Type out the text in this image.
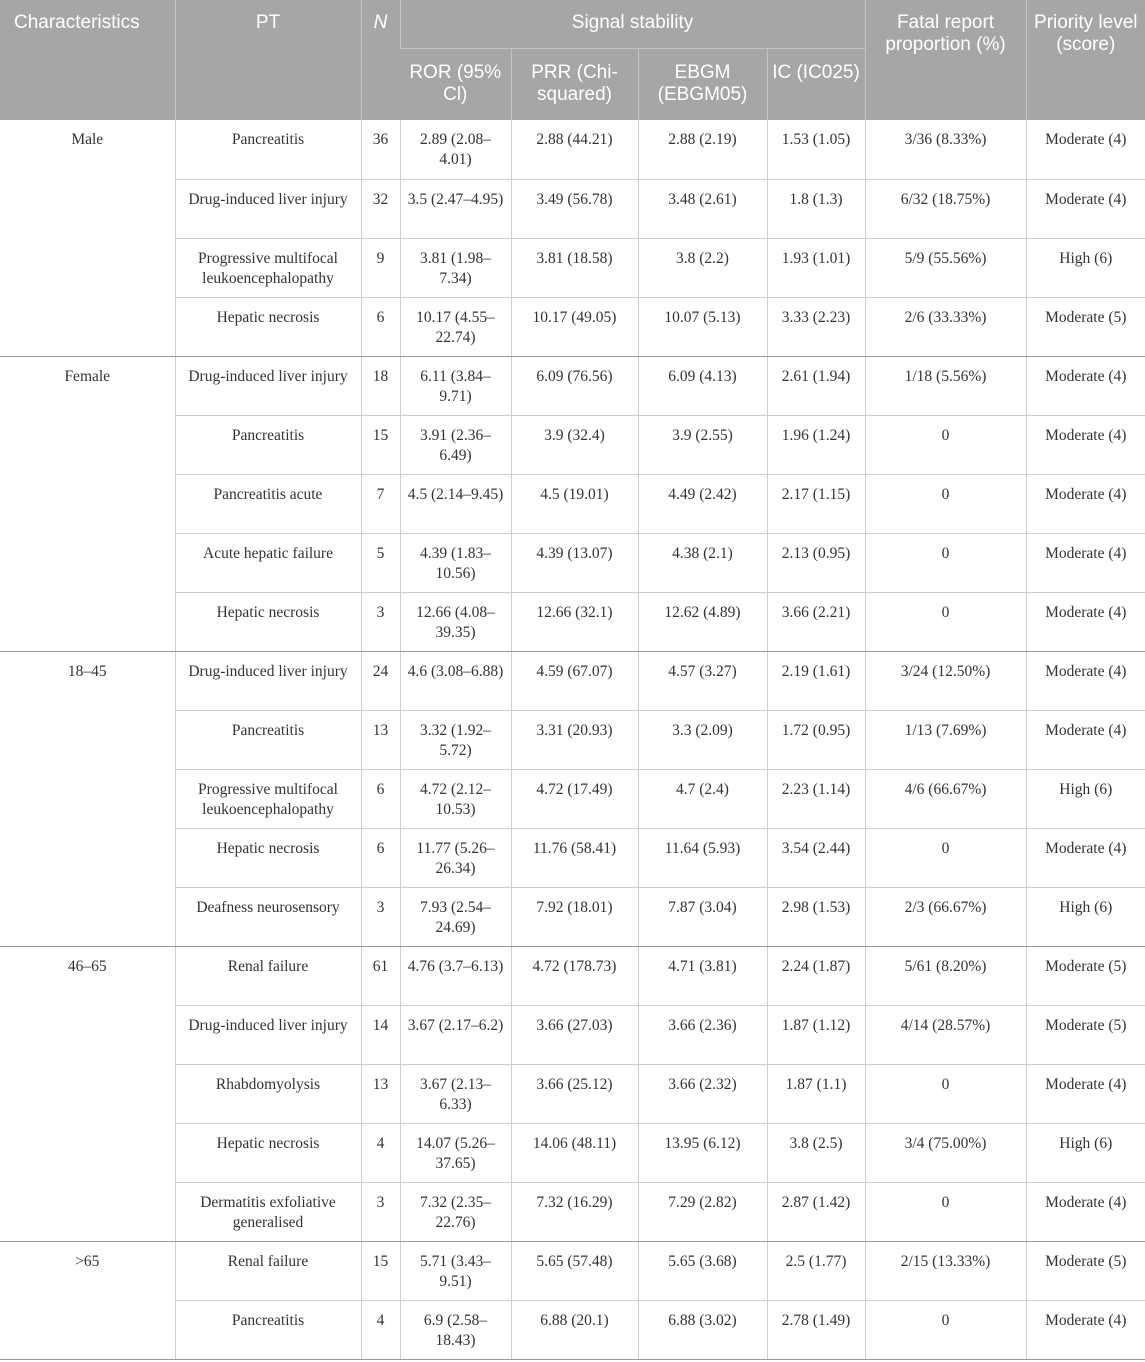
Characteristics	PT	N	Signal stability				Fatal report proportion (%)	Priority level (score)
			ROR (95% Cl)	PRR (Chi-squared)	EBGM (EBGM05)	IC (IC025)		
Male	Pancreatitis	36	2.89 (2.08–4.01)	2.88 (44.21)	2.88 (2.19)	1.53 (1.05)	3/36 (8.33%)	Moderate (4)
	Drug-induced liver injury	32	3.5 (2.47–4.95)	3.49 (56.78)	3.48 (2.61)	1.8 (1.3)	6/32 (18.75%)	Moderate (4)
	Progressive multifocal leukoencephalopathy	9	3.81 (1.98–7.34)	3.81 (18.58)	3.8 (2.2)	1.93 (1.01)	5/9 (55.56%)	High (6)
	Hepatic necrosis	6	10.17 (4.55–22.74)	10.17 (49.05)	10.07 (5.13)	3.33 (2.23)	2/6 (33.33%)	Moderate (5)
Female	Drug-induced liver injury	18	6.11 (3.84–9.71)	6.09 (76.56)	6.09 (4.13)	2.61 (1.94)	1/18 (5.56%)	Moderate (4)
	Pancreatitis	15	3.91 (2.36–6.49)	3.9 (32.4)	3.9 (2.55)	1.96 (1.24)	0	Moderate (4)
	Pancreatitis acute	7	4.5 (2.14–9.45)	4.5 (19.01)	4.49 (2.42)	2.17 (1.15)	0	Moderate (4)
	Acute hepatic failure	5	4.39 (1.83–10.56)	4.39 (13.07)	4.38 (2.1)	2.13 (0.95)	0	Moderate (4)
	Hepatic necrosis	3	12.66 (4.08–39.35)	12.66 (32.1)	12.62 (4.89)	3.66 (2.21)	0	Moderate (4)
18–45	Drug-induced liver injury	24	4.6 (3.08–6.88)	4.59 (67.07)	4.57 (3.27)	2.19 (1.61)	3/24 (12.50%)	Moderate (4)
	Pancreatitis	13	3.32 (1.92–5.72)	3.31 (20.93)	3.3 (2.09)	1.72 (0.95)	1/13 (7.69%)	Moderate (4)
	Progressive multifocal leukoencephalopathy	6	4.72 (2.12–10.53)	4.72 (17.49)	4.7 (2.4)	2.23 (1.14)	4/6 (66.67%)	High (6)
	Hepatic necrosis	6	11.77 (5.26–26.34)	11.76 (58.41)	11.64 (5.93)	3.54 (2.44)	0	Moderate (4)
	Deafness neurosensory	3	7.93 (2.54–24.69)	7.92 (18.01)	7.87 (3.04)	2.98 (1.53)	2/3 (66.67%)	High (6)
46–65	Renal failure	61	4.76 (3.7–6.13)	4.72 (178.73)	4.71 (3.81)	2.24 (1.87)	5/61 (8.20%)	Moderate (5)
	Drug-induced liver injury	14	3.67 (2.17–6.2)	3.66 (27.03)	3.66 (2.36)	1.87 (1.12)	4/14 (28.57%)	Moderate (5)
	Rhabdomyolysis	13	3.67 (2.13–6.33)	3.66 (25.12)	3.66 (2.32)	1.87 (1.1)	0	Moderate (4)
	Hepatic necrosis	4	14.07 (5.26–37.65)	14.06 (48.11)	13.95 (6.12)	3.8 (2.5)	3/4 (75.00%)	High (6)
	Dermatitis exfoliative generalised	3	7.32 (2.35–22.76)	7.32 (16.29)	7.29 (2.82)	2.87 (1.42)	0	Moderate (4)
>65	Renal failure	15	5.71 (3.43–9.51)	5.65 (57.48)	5.65 (3.68)	2.5 (1.77)	2/15 (13.33%)	Moderate (5)
	Pancreatitis	4	6.9 (2.58–18.43)	6.88 (20.1)	6.88 (3.02)	2.78 (1.49)	0	Moderate (4)
